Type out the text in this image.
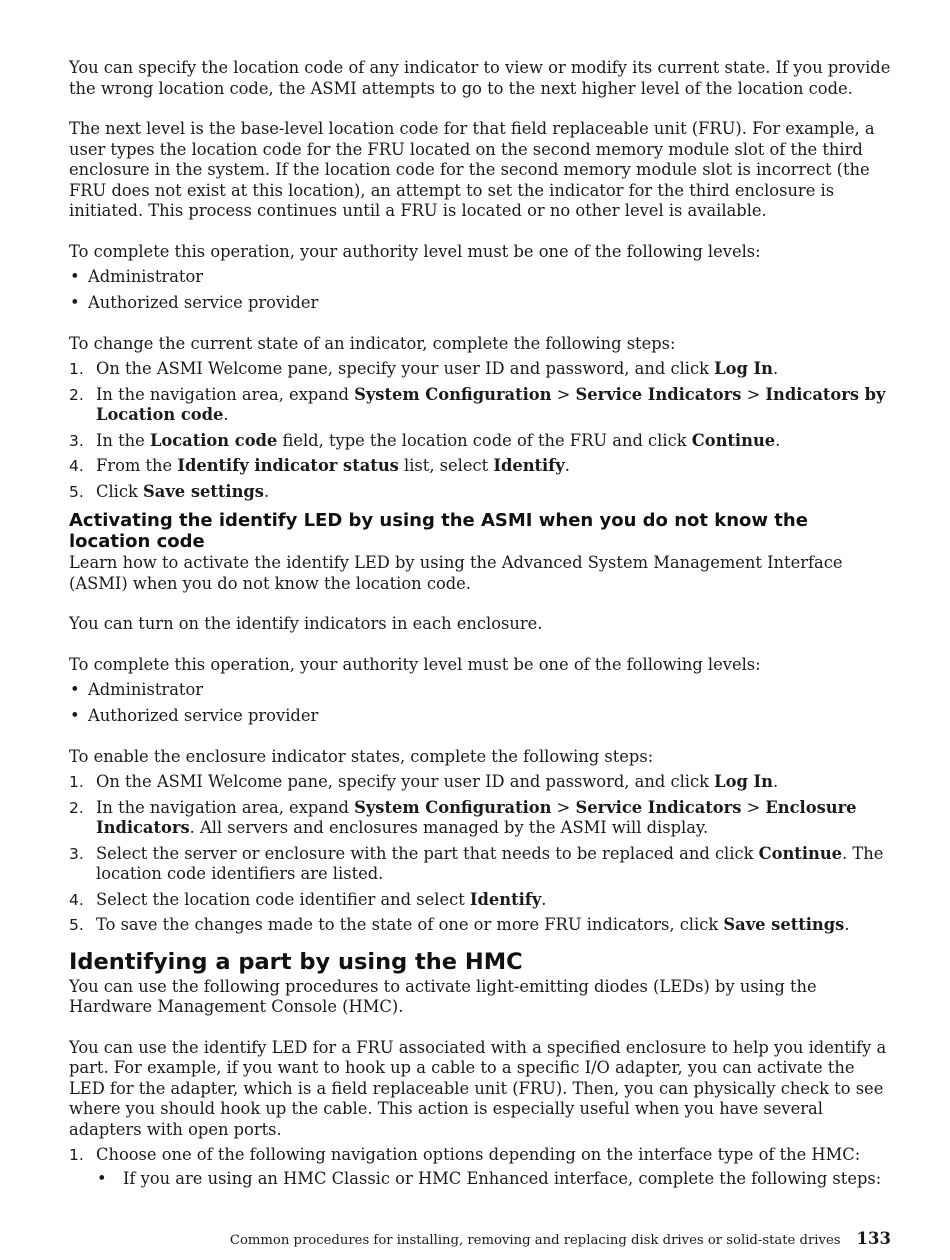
You can specify the location code of any indicator to view or modify its current state. If you provide the wrong location code, the ASMI attempts to go to the next higher level of the location code.

The next level is the base-level location code for that field replaceable unit (FRU). For example, a user types the location code for the FRU located on the second memory module slot of the third enclosure in the system. If the location code for the second memory module slot is incorrect (the FRU does not exist at this location), an attempt to set the indicator for the third enclosure is initiated. This process continues until a FRU is located or no other level is available.

To complete this operation, your authority level must be one of the following levels:

• Administrator
• Authorized service provider

To change the current state of an indicator, complete the following steps:

1. On the ASMI Welcome pane, specify your user ID and password, and click Log In.
2. In the navigation area, expand System Configuration > Service Indicators > Indicators by Location code.
3. In the Location code field, type the location code of the FRU and click Continue.
4. From the Identify indicator status list, select Identify.
5. Click Save settings.
Activating the identify LED by using the ASMI when you do not know the location code

Learn how to activate the identify LED by using the Advanced System Management Interface (ASMI) when you do not know the location code.

You can turn on the identify indicators in each enclosure.

To complete this operation, your authority level must be one of the following levels:

• Administrator
• Authorized service provider

To enable the enclosure indicator states, complete the following steps:

1. On the ASMI Welcome pane, specify your user ID and password, and click Log In.
2. In the navigation area, expand System Configuration > Service Indicators > Enclosure Indicators. All servers and enclosures managed by the ASMI will display.
3. Select the server or enclosure with the part that needs to be replaced and click Continue. The location code identifiers are listed.
4. Select the location code identifier and select Identify.
5. To save the changes made to the state of one or more FRU indicators, click Save settings.
Identifying a part by using the HMC

You can use the following procedures to activate light-emitting diodes (LEDs) by using the Hardware Management Console (HMC).

You can use the identify LED for a FRU associated with a specified enclosure to help you identify a part. For example, if you want to hook up a cable to a specific I/O adapter, you can activate the LED for the adapter, which is a field replaceable unit (FRU). Then, you can physically check to see where you should hook up the cable. This action is especially useful when you have several adapters with open ports.

1. Choose one of the following navigation options depending on the interface type of the HMC:
• If you are using an HMC Classic or HMC Enhanced interface, complete the following steps:
Common procedures for installing, removing and replacing disk drives or solid-state drives 133
